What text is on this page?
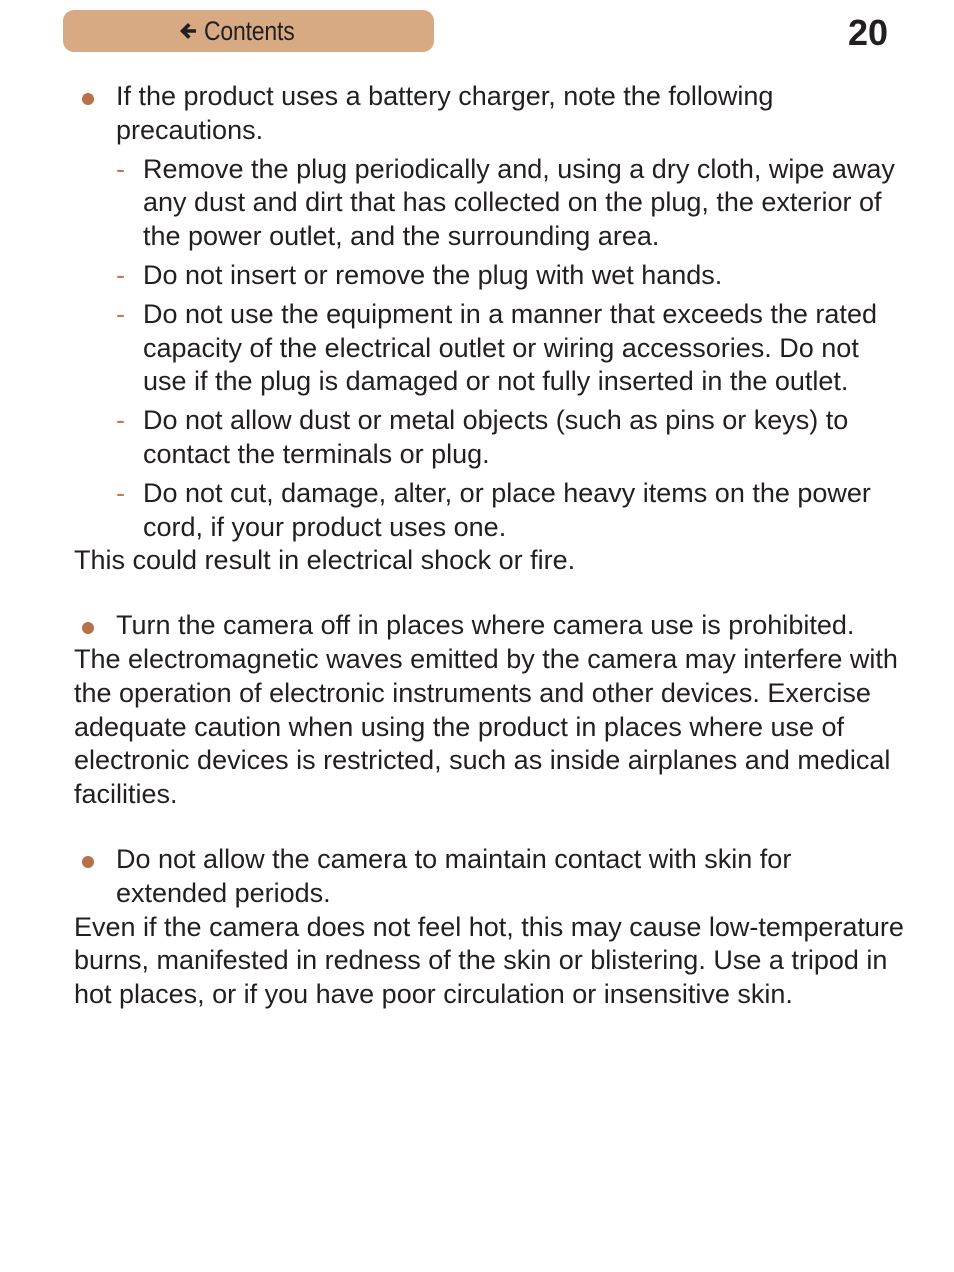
Contents	20
If the product uses a battery charger, note the following precautions.
- Remove the plug periodically and, using a dry cloth, wipe away any dust and dirt that has collected on the plug, the exterior of the power outlet, and the surrounding area.
- Do not insert or remove the plug with wet hands.
- Do not use the equipment in a manner that exceeds the rated capacity of the electrical outlet or wiring accessories. Do not use if the plug is damaged or not fully inserted in the outlet.
- Do not allow dust or metal objects (such as pins or keys) to contact the terminals or plug.
- Do not cut, damage, alter, or place heavy items on the power cord, if your product uses one.

This could result in electrical shock or fire.

Turn the camera off in places where camera use is prohibited.

The electromagnetic waves emitted by the camera may interfere with the operation of electronic instruments and other devices. Exercise adequate caution when using the product in places where use of electronic devices is restricted, such as inside airplanes and medical facilities.

Do not allow the camera to maintain contact with skin for extended periods.

Even if the camera does not feel hot, this may cause low-temperature burns, manifested in redness of the skin or blistering. Use a tripod in hot places, or if you have poor circulation or insensitive skin.
